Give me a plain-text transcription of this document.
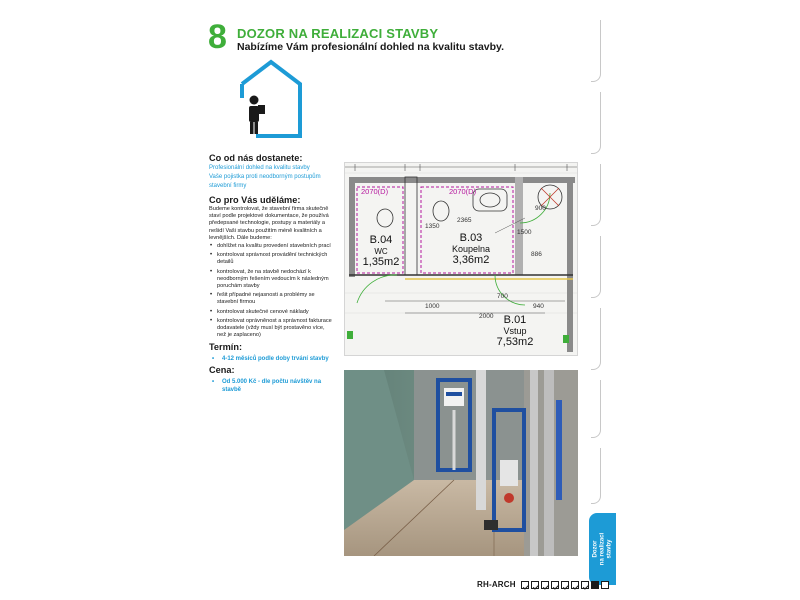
8 DOZOR NA REALIZACI STAVBY
Nabízíme Vám profesionální dohled na kvalitu stavby.
Co od nás dostanete:
Profesionální dohled na kvalitu stavby
Vaše pojistka proti neodborným postupům
stavební firmy
Co pro Vás uděláme:
Budeme kontrolovat, že stavební firma skutečně staví podle projektové dokumentace, že používá předepsané technologie, postupy a materiály a nešidí Vaši stavbu použitím méně kvalitních a levnějších. Dále budeme:
• dohlížet na kvalitu provedení stavebních prací
• kontrolovat správnost provádění technických detailů
• kontrolovat, že na stavbě nedochází k neodborným řešením vedoucím k následným poruchám stavby
• řešit případné nejasnosti a problémy se stavební firmou
• kontrolovat skutečné cenové náklady
• kontrolovat oprávněnost a správnost fakturace dodavatele (vždy musí být prostavěno více, než je zaplaceno)
Termín:
• 4-12 měsíců podle doby trvání stavby
Cena:
• Od 5.000 Kč - dle počtu návštěv na stavbě
2070(D)	2070(D)
B.04
WC
1,35m2
B.03
Koupelna
3,36m2
B.01
Vstup
7,53m2
1000
700
940
2000
2365
1350
1500
900
886
Dozor na realizaci stavby
RH-ARCH
